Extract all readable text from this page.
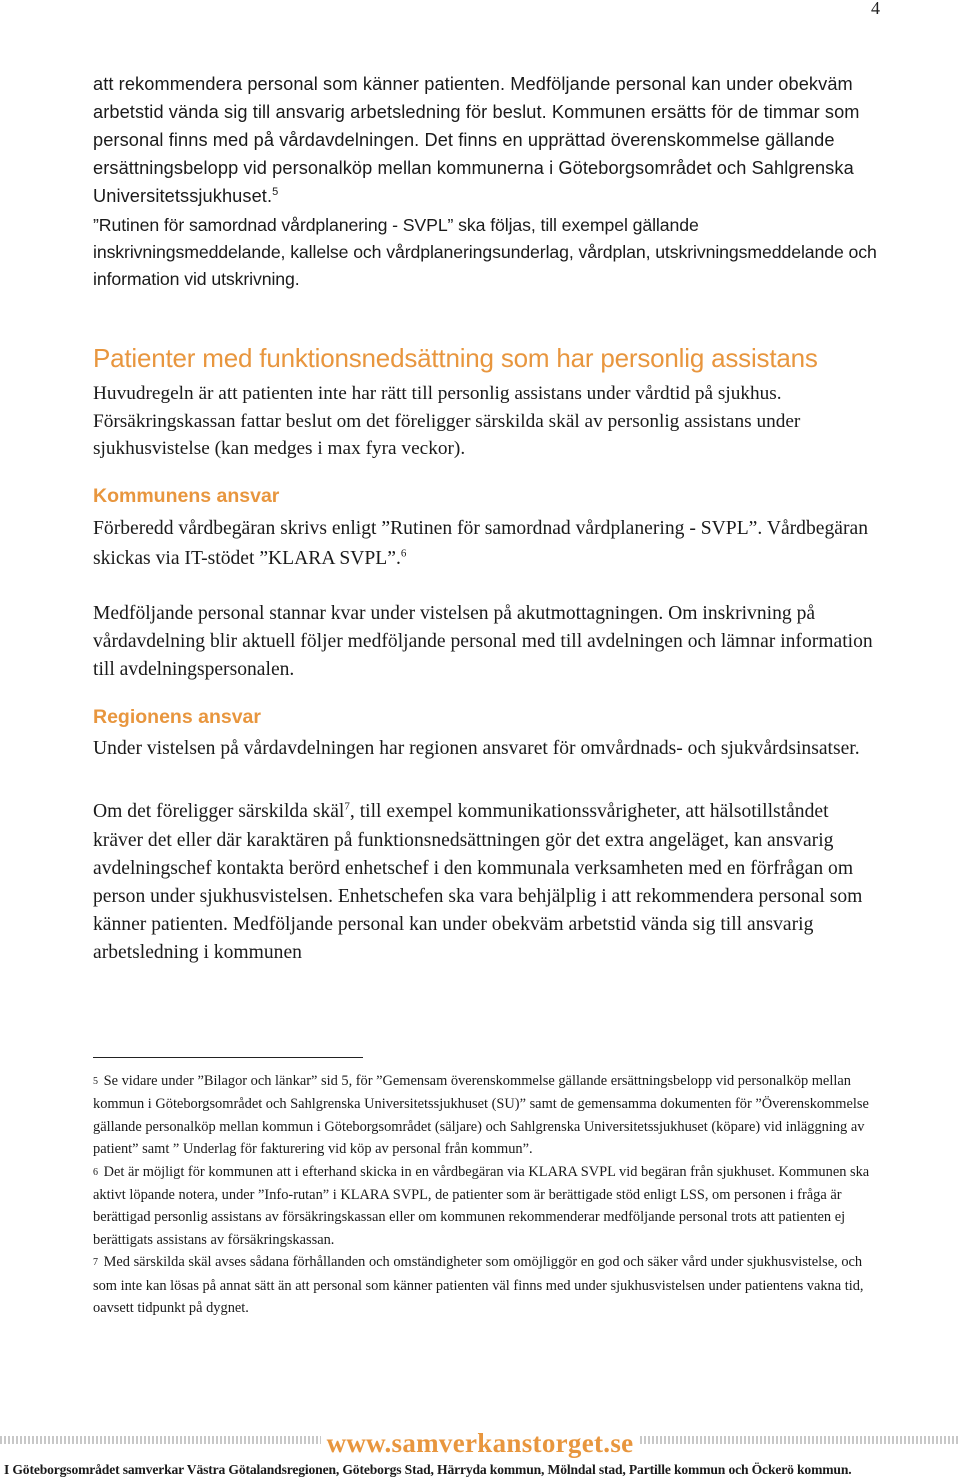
4

att rekommendera personal som känner patienten. Medföljande personal kan under obekväm arbetstid vända sig till ansvarig arbetsledning för beslut. Kommunen ersätts för de timmar som personal finns med på vårdavdelningen. Det finns en upprättad överenskommelse gällande ersättningsbelopp vid personalköp mellan kommunerna i Göteborgsområdet och Sahlgrenska Universitetssjukhuset.$^5$

”Rutinen för samordnad vårdplanering - SVPL” ska följas, till exempel gällande inskrivningsmeddelande, kallelse och vårdplaneringsunderlag, vårdplan, utskrivningsmeddelande och information vid utskrivning.

Patienter med funktionsnedsättning som har personlig assistans

Huvudregeln är att patienten inte har rätt till personlig assistans under vårdtid på sjukhus.

Försäkringskassan fattar beslut om det föreligger särskilda skäl av personlig assistans under sjukhusvistelse (kan medges i max fyra veckor).

Kommunens ansvar

Förberedd vårdbegäran skrivs enligt ”Rutinen för samordnad vårdplanering - SVPL”. Vårdbegäran skickas via IT-stödet ”KLARA SVPL”.$^6$

Medföljande personal stannar kvar under vistelsen på akutmottagningen. Om inskrivning på vårdavdelning blir aktuell följer medföljande personal med till avdelningen och lämnar information till avdelningspersonalen.

Regionens ansvar

Under vistelsen på vårdavdelningen har regionen ansvaret för omvårdnads- och sjukvårdsinsatser.

Om det föreligger särskilda skäl$^7$, till exempel kommunikationssvårigheter, att hälsotillståndet kräver det eller där karaktären på funktionsnedsättningen gör det extra angeläget, kan ansvarig avdelningschef kontakta berörd enhetschef i den kommunala verksamheten med en förfrågan om person under sjukhusvistelsen. Enhetschefen ska vara behjälplig i att rekommendera personal som känner patienten. Medföljande personal kan under obekväm arbetstid vända sig till ansvarig arbetsledning i kommunen

5 Se vidare under ”Bilagor och länkar” sid 5, för ”Gemensam överenskommelse gällande ersättningsbelopp vid personalköp mellan kommun i Göteborgsområdet och Sahlgrenska Universitetssjukhuset (SU)” samt de gemensamma dokumenten för ”Överenskommelse gällande personalköp mellan kommun i Göteborgsområdet (säljare) och Sahlgrenska Universitetssjukhuset (köpare) vid inläggning av patient” samt ” Underlag för fakturering vid köp av personal från kommun”.

6 Det är möjligt för kommunen att i efterhand skicka in en vårdbegäran via KLARA SVPL vid begäran från sjukhuset. Kommunen ska aktivt löpande notera, under ”Info-rutan” i KLARA SVPL, de patienter som är berättigade stöd enligt LSS, om personen i fråga är berättigad personlig assistans av försäkringskassan eller om kommunen rekommenderar medföljande personal trots att patienten ej berättigats assistans av försäkringskassan.

7 Med särskilda skäl avses sådana förhållanden och omständigheter som omöjliggör en god och säker vård under sjukhusvistelse, och som inte kan lösas på annat sätt än att personal som känner patienten väl finns med under sjukhusvistelsen under patientens vakna tid, oavsett tidpunkt på dygnet.

www.samverkanstorget.se
I Göteborgsområdet samverkar Västra Götalandsregionen, Göteborgs Stad, Härryda kommun, Mölndal stad, Partille kommun och Öckerö kommun.
